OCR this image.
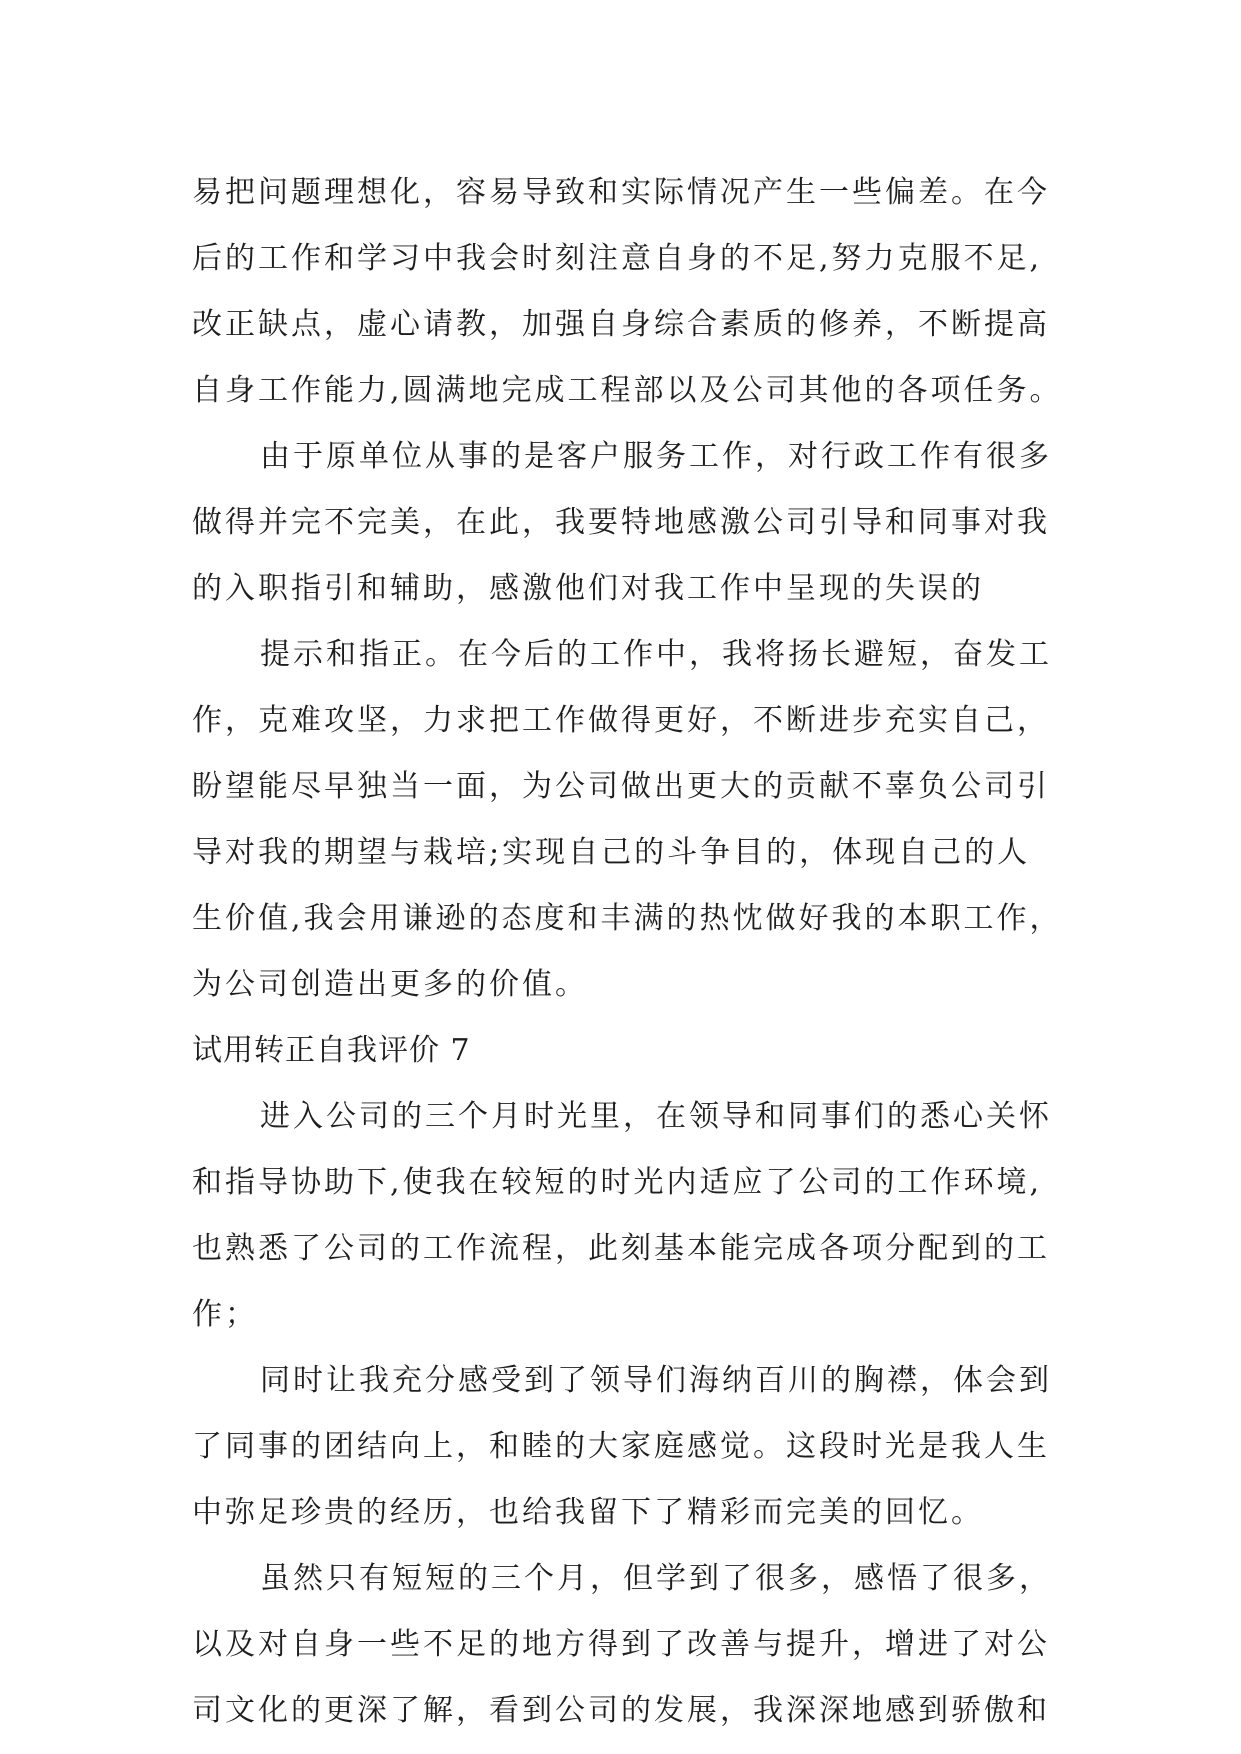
易把问题理想化，容易导致和实际情况产生一些偏差。在今
后的工作和学习中我会时刻注意自身的不足,努力克服不足,
改正缺点，虚心请教，加强自身综合素质的修养，不断提高
自身工作能力,圆满地完成工程部以及公司其他的各项任务。
由于原单位从事的是客户服务工作，对行政工作有很多
做得并完不完美，在此，我要特地感激公司引导和同事对我
的入职指引和辅助，感激他们对我工作中呈现的失误的
提示和指正。在今后的工作中，我将扬长避短，奋发工
作，克难攻坚，力求把工作做得更好，不断进步充实自己，
盼望能尽早独当一面，为公司做出更大的贡献不辜负公司引
导对我的期望与栽培;实现自己的斗争目的，体现自己的人
生价值,我会用谦逊的态度和丰满的热忱做好我的本职工作，
为公司创造出更多的价值。
试用转正自我评价 7
进入公司的三个月时光里，在领导和同事们的悉心关怀
和指导协助下,使我在较短的时光内适应了公司的工作环境,
也熟悉了公司的工作流程，此刻基本能完成各项分配到的工
作；
同时让我充分感受到了领导们海纳百川的胸襟，体会到
了同事的团结向上，和睦的大家庭感觉。这段时光是我人生
中弥足珍贵的经历，也给我留下了精彩而完美的回忆。
虽然只有短短的三个月，但学到了很多，感悟了很多，
以及对自身一些不足的地方得到了改善与提升，增进了对公
司文化的更深了解，看到公司的发展，我深深地感到骄傲和
